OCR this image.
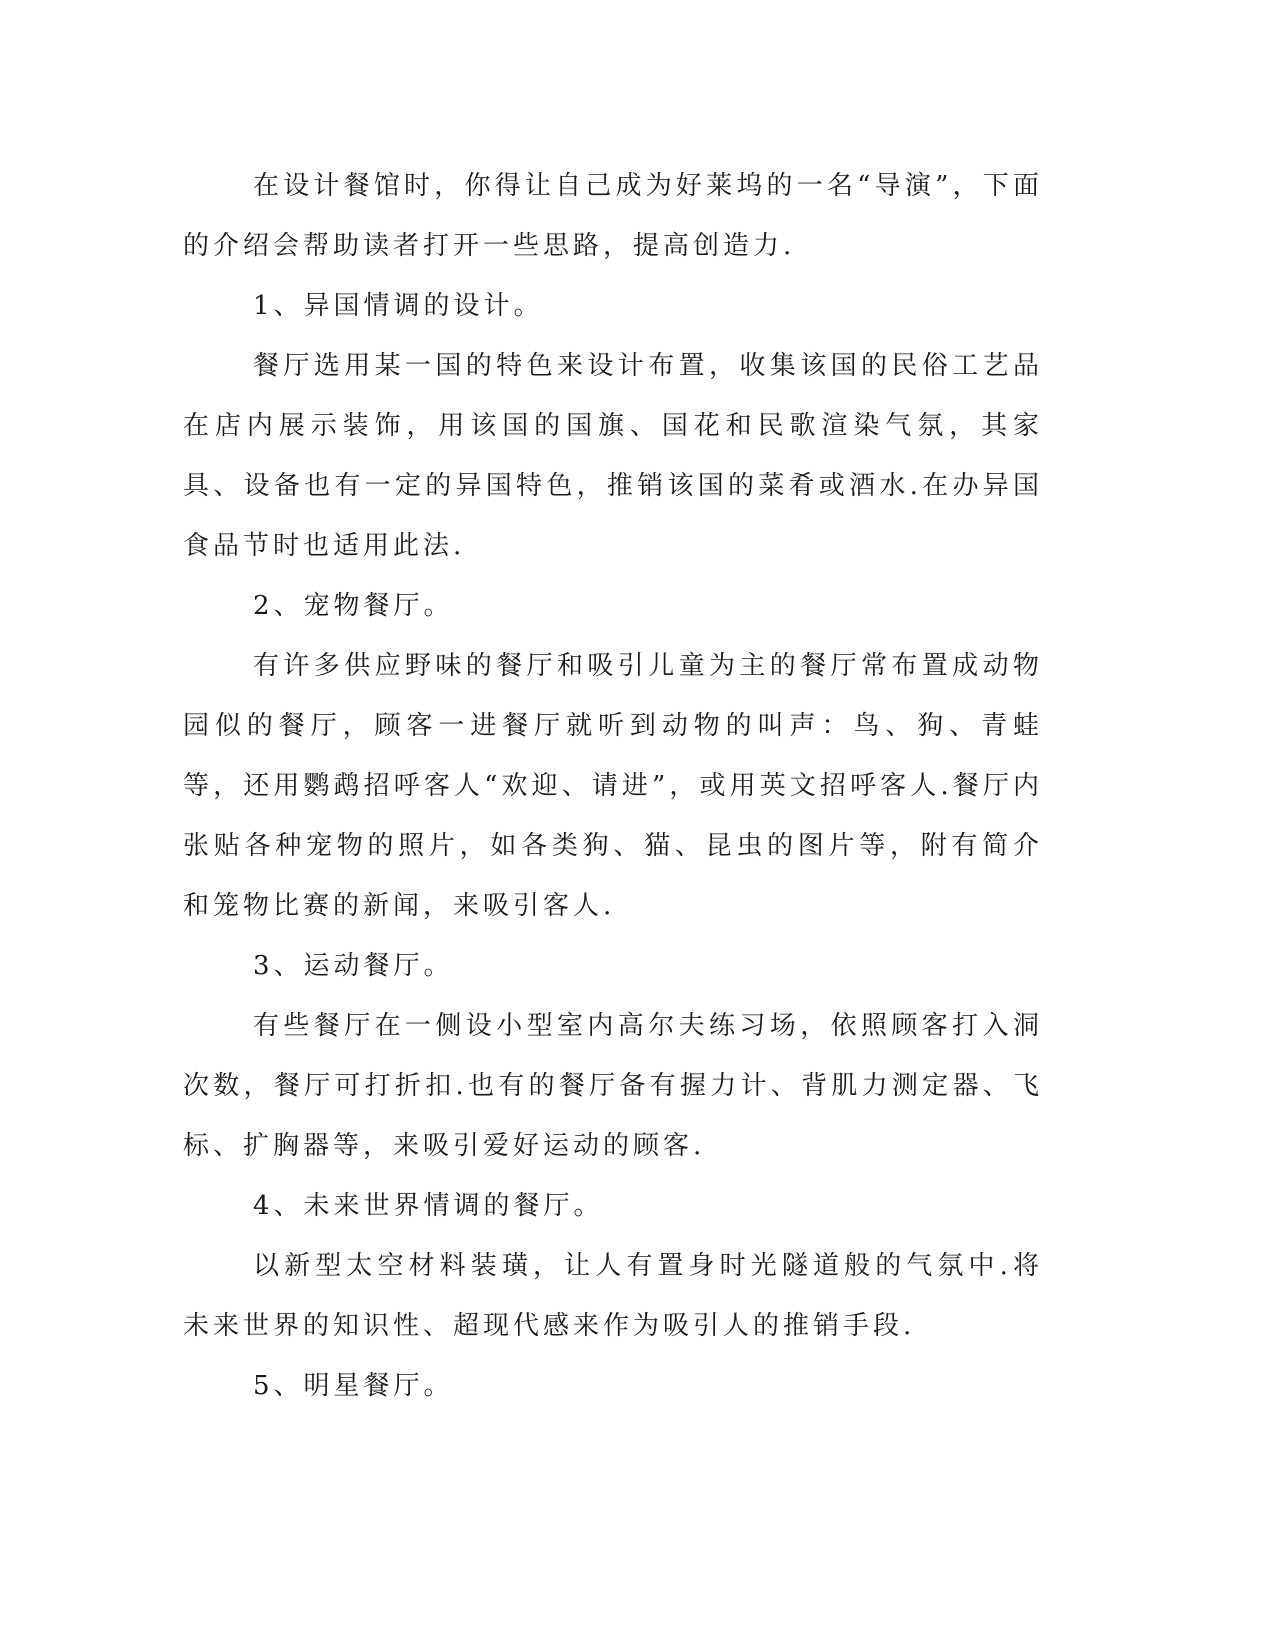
在设计餐馆时，你得让自己成为好莱坞的一名“导演”，下面的介绍会帮助读者打开一些思路，提高创造力.

1、异国情调的设计。

餐厅选用某一国的特色来设计布置，收集该国的民俗工艺品在店内展示装饰，用该国的国旗、国花和民歌渲染气氛，其家具、设备也有一定的异国特色，推销该国的菜肴或酒水.在办异国食品节时也适用此法.

2、宠物餐厅。

有许多供应野味的餐厅和吸引儿童为主的餐厅常布置成动物园似的餐厅，顾客一进餐厅就听到动物的叫声：鸟、狗、青蛙等，还用鹦鹉招呼客人“欢迎、请进”，或用英文招呼客人.餐厅内张贴各种宠物的照片，如各类狗、猫、昆虫的图片等，附有简介和笼物比赛的新闻，来吸引客人.

3、运动餐厅。

有些餐厅在一侧设小型室内高尔夫练习场，依照顾客打入洞次数，餐厅可打折扣.也有的餐厅备有握力计、背肌力测定器、飞标、扩胸器等，来吸引爱好运动的顾客.

4、未来世界情调的餐厅。

以新型太空材料装璜，让人有置身时光隧道般的气氛中.将未来世界的知识性、超现代感来作为吸引人的推销手段.

5、明星餐厅。
